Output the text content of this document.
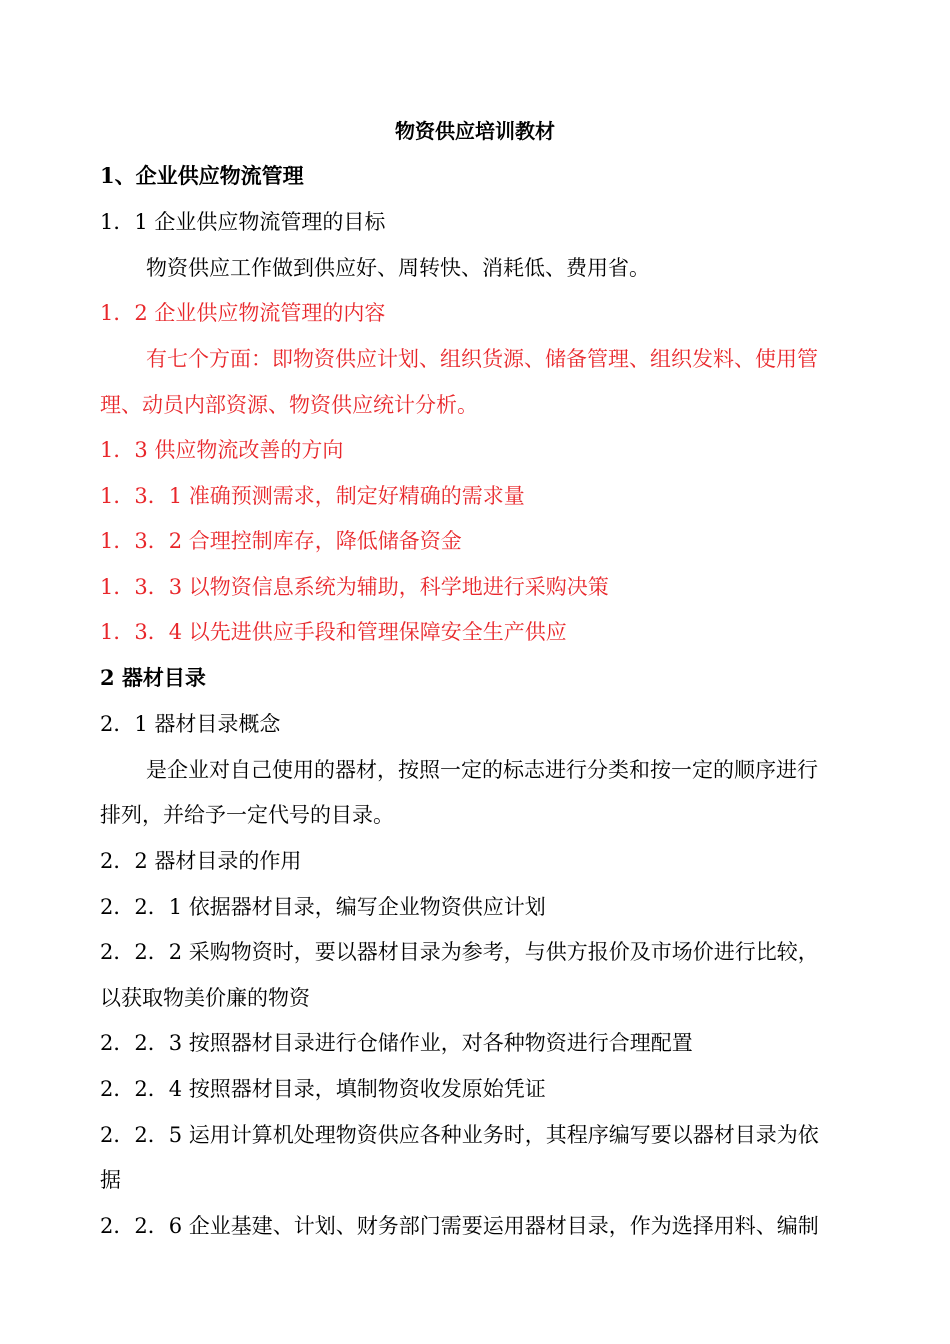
物资供应培训教材
1、企业供应物流管理
1．1 企业供应物流管理的目标
物资供应工作做到供应好、周转快、消耗低、费用省。
1．2 企业供应物流管理的内容
有七个方面：即物资供应计划、组织货源、储备管理、组织发料、使用管
理、动员内部资源、物资供应统计分析。
1．3 供应物流改善的方向
1．3．1 准确预测需求，制定好精确的需求量
1．3．2 合理控制库存，降低储备资金
1．3．3 以物资信息系统为辅助，科学地进行采购决策
1．3．4 以先进供应手段和管理保障安全生产供应
2 器材目录
2．1 器材目录概念
是企业对自己使用的器材，按照一定的标志进行分类和按一定的顺序进行
排列，并给予一定代号的目录。
2．2 器材目录的作用
2．2．1 依据器材目录，编写企业物资供应计划
2．2．2 采购物资时，要以器材目录为参考，与供方报价及市场价进行比较，
以获取物美价廉的物资
2．2．3 按照器材目录进行仓储作业，对各种物资进行合理配置
2．2．4 按照器材目录，填制物资收发原始凭证
2．2．5 运用计算机处理物资供应各种业务时，其程序编写要以器材目录为依
据
2．2．6 企业基建、计划、财务部门需要运用器材目录，作为选择用料、编制
